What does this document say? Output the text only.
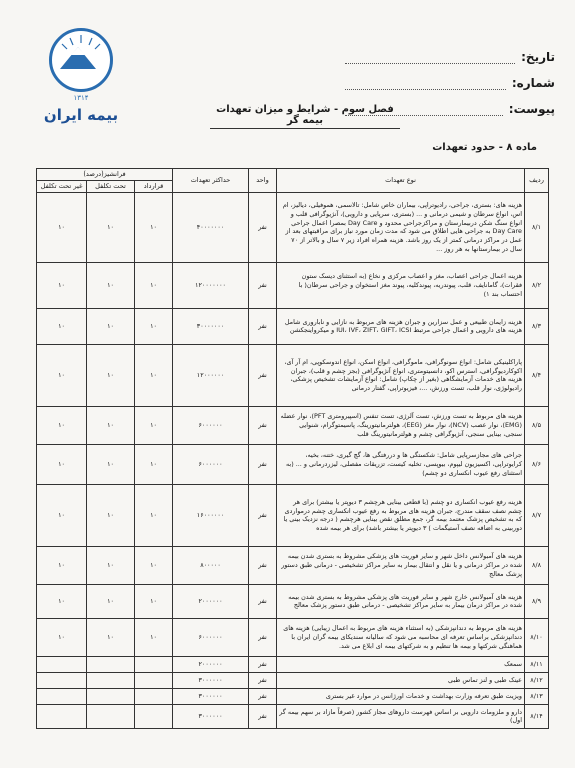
۱۳۱۴
بیمه ایران
تاریخ:
شماره:
پیوست:
فصل سوم - شرایط و میزان تعهدات بیمه گر
ماده ۸ - حدود تعهدات
ردیف	نوع تعهدات	واحد	حداکثر تعهدات	فرانشیز(درصد)		
				قرارداد	تحت تکلفل	غیر تحت تکلفل
۸/۱	هزینه های: بستری، جراحی، رادیوتراپی، بیماران خاص شامل: تالاسمی، هموفیلی، دیالیز، ام اس، انواع سرطان و شیمی درمانی و ... (بستری، سرپایی و دارویی)، آنژیوگرافی قلب و انواع سنگ شکن دربیمارستان و مراکزجراحی محدود و Day Care بمصرا اعمال جراحی Day Care به جراحی هایی اطلاق می شود که مدت زمان مورد نیاز برای مراقبتهای بعد از عمل در مراکز درمانی کمتر از یک روز باشد. هزینه همراه افراد زیر ۷ سال و بالاتر از ۷۰ سال در بیمارستانها به هر روز ...	نفر	۴۰۰۰۰۰۰۰	۱۰	۱۰	۱۰
۸/۲	هزینه اعمال جراحی اعصاب، مغز و اعصاب مرکزی و نخاع (به استثنای دیسک ستون فقرات)، گامانایف، قلب، پیوندریه، پیوندکلیه، پیوند مغز استخوان و جراحی سرطان( با احتساب بند ۱)	نفر	۱۲۰۰۰۰۰۰۰	۱۰	۱۰	۱۰
۸/۳	هزینه زایمان طبیعی و عمل سزارین و جبران هزینه های مربوط به نازایی و ناباروری شامل هزینه های دارویی و اعمال جراحی مرتبط IUI، IVF، ZIFT، GIFT، ICSI و میکرواینجکشن	نفر	۳۰۰۰۰۰۰۰	۱۰	۱۰	۱۰
۸/۴	پاراکلینیکی شامل: انواع سونوگرافی، ماموگرافی، انواع اسکن، انواع اندوسکوپی، ام آر آی، اکوکاردیوگرافی، استرس اکو، دانسیتومتری، انواع آنژیوگرافی (بجز چشم و قلب)، جبران هزینه های خدمات آزمایشگاهی (بغیر از چکاپ) شامل: انواع آزمایشات تشخیص پزشکی، رادیولوژی، نوار قلب، تست ورزش، ...، فیزیوتراپی، گفتار درمانی	نفر	۱۲۰۰۰۰۰۰	۱۰	۱۰	۱۰
۸/۵	هزینه های مربوط به تست ورزش، تست آلرژی، تست تنفس (اسپیرومتری PFT)، نوار عضله (EMG)، نوار عصب (NCV)، نوار مغز (EEG)، هولترمانیتورینگ، پاسیمتوگرام، شنوایی سنجی، بینایی سنجی، آنژیوگرافی چشم و هولترمانیتورینگ قلب	نفر	۶۰۰۰۰۰۰	۱۰	۱۰	۱۰
۸/۶	جراحی های مجازسرپایی شامل: شکستگی ها و دررفتگی ها، گچ گیری، ختنه، بخیه، کرایوتراپی، اکسیزیون لیپوم، بیوپسی، تخلیه کیست، تزریقات مفصلی، لیزردرمانی و ... (به استثنای رفع عیوب انکساری دو چشم)	نفر	۶۰۰۰۰۰۰	۱۰	۱۰	۱۰
۸/۷	هزینه رفع عیوب انکساری دو چشم (با قطعی بینایی هرچشم ۳ دیوپتر یا بیشتر) برای هر چشم نصف سقف مندرج، جبران هزینه های مربوط به رفع عیوب انکساری چشم درمواردی که به تشخیص پزشک معتمد بیمه گر، جمع مطلق نقص بینایی هرچشم ( درجه نزدیک بینی یا دوربینی به اضافه نصف آستیگمات ) ۳ دیوپتر یا بیشتر باشد) برای هر بیمه شده	نفر	۱۶۰۰۰۰۰۰	۱۰	۱۰	۱۰
۸/۸	هزینه های آمبولانس داخل شهر و سایر فوریت های پزشکی مشروط به بستری شدن بیمه شده در مراکز درمانی و یا نقل و انتقال بیمار به سایر مراکز تشخیصی - درمانی طبق دستور پزشک معالج	نفر	۸۰۰۰۰۰	۱۰	۱۰	۱۰
۸/۹	هزینه های آمبولانس خارج شهر و سایر فوریت های پزشکی مشروط به بستری شدن بیمه شده در مراکز درمان بیمار به سایر مراکز تشخیصی - درمانی طبق دستور پزشک معالج	نفر	۲۰۰۰۰۰۰	۱۰	۱۰	۱۰
۸/۱۰	هزینه های مربوط به دندانپزشکی (به استثناء هزینه های مربوط به اعمال زیبایی) هزینه های دندانپزشکی براساس تعرفه ای محاسبه می شود که سالیانه سندیکای بیمه گران ایران با هماهنگی شرکتها و بیمه ها تنظیم و به شرکتهای بیمه ای ابلاغ می شد.	نفر	۶۰۰۰۰۰۰	۱۰	۱۰	۱۰
۸/۱۱	سمعک	نفر	۲۰۰۰۰۰۰			
۸/۱۲	عینک طبی و لنز تماس طبی	نفر	۳۰۰۰۰۰۰			
۸/۱۳	ویزیت طبق تعرفه وزارت بهداشت و خدمات اورژانس در موارد غیر بستری	نفر	۳۰۰۰۰۰۰			
۸/۱۴	دارو و ملزومات دارویی بر اساس فهرست داروهای مجاز کشور (صرفاً مازاد بر سهم بیمه گر اول)	نفر	۳۰۰۰۰۰۰			
